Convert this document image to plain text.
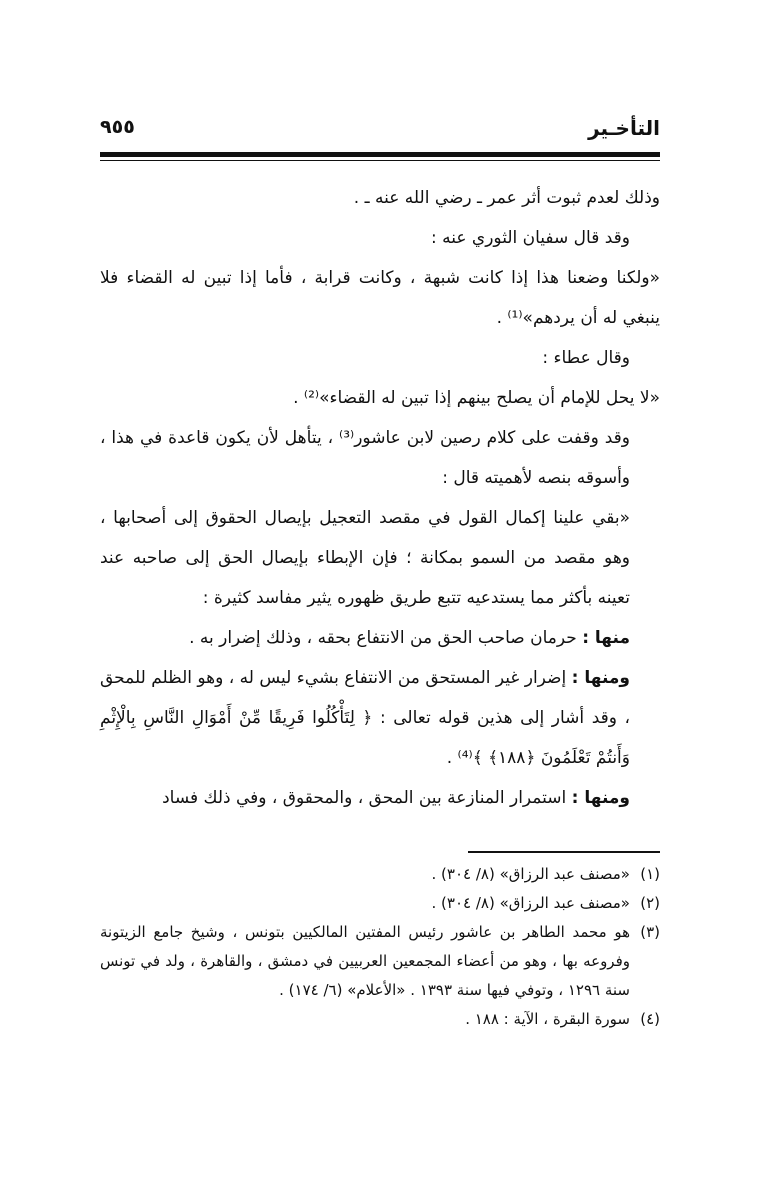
التأخـير
٩٥٥

وذلك لعدم ثبوت أثر عمر ـ رضي الله عنه ـ .

وقد قال سفيان الثوري عنه :

«ولكنا وضعنا هذا إذا كانت شبهة ، وكانت قرابة ، فأما إذا تبين له القضاء فلا ينبغي له أن يردهم»⁽¹⁾ .

وقال عطاء :

«لا يحل للإمام أن يصلح بينهم إذا تبين له القضاء»⁽²⁾ .

وقد وقفت على كلام رصين لابن عاشور⁽³⁾ ، يتأهل لأن يكون قاعدة في هذا ، وأسوقه بنصه لأهميته قال :

«بقي علينا إكمال القول في مقصد التعجيل بإيصال الحقوق إلى أصحابها ، وهو مقصد من السمو بمكانة ؛ فإن الإبطاء بإيصال الحق إلى صاحبه عند تعينه بأكثر مما يستدعيه تتبع طريق ظهوره يثير مفاسد كثيرة :

منها : حرمان صاحب الحق من الانتفاع بحقه ، وذلك إضرار به .

ومنها : إضرار غير المستحق من الانتفاع بشيء ليس له ، وهو الظلم للمحق ، وقد أشار إلى هذين قوله تعالى : ﴿ لِتَأْكُلُوا فَرِيقًا مِّنْ أَمْوَالِ النَّاسِ بِالْإِثْمِ وَأَنتُمْ تَعْلَمُونَ ﴿١٨٨﴾ ﴾⁽⁴⁾ .

ومنها : استمرار المنازعة بين المحق ، والمحقوق ، وفي ذلك فساد

(١)
«مصنف عبد الرزاق» (٨/ ٣٠٤) .
(٢)
«مصنف عبد الرزاق» (٨/ ٣٠٤) .
(٣)
هو محمد الطاهر بن عاشور رئيس المفتين المالكيين بتونس ، وشيخ جامع الزيتونة وفروعه بها ، وهو من أعضاء المجمعين العربيين في دمشق ، والقاهرة ، ولد في تونس سنة ١٢٩٦ ، وتوفي فيها سنة ١٣٩٣ . «الأعلام» (٦/ ١٧٤) .
(٤)
سورة البقرة ، الآية : ١٨٨ .
